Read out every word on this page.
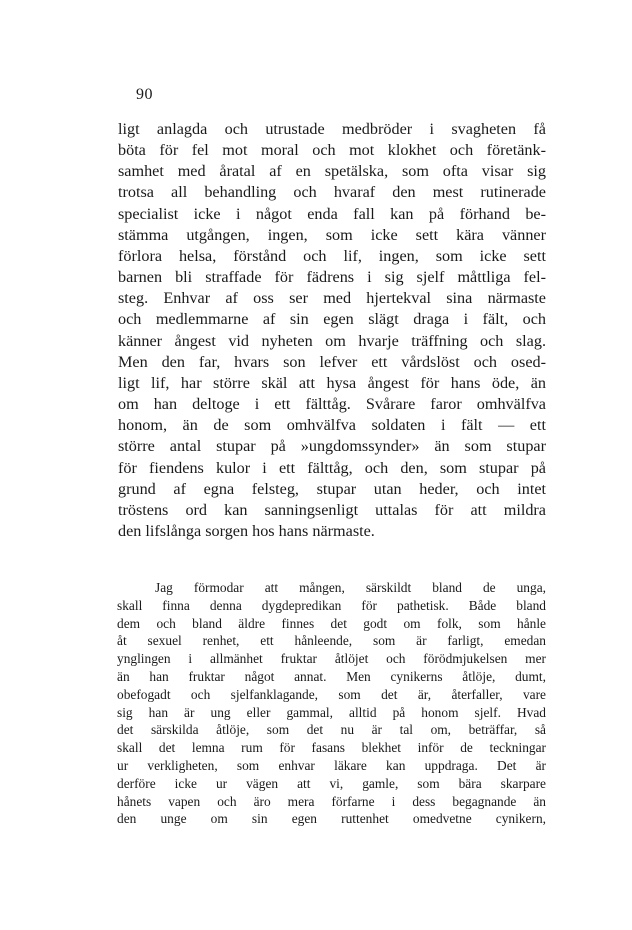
90
ligt anlagda och utrustade medbröder i svagheten få
böta för fel mot moral och mot klokhet och företänk-
samhet med åratal af en spetälska, som ofta visar sig
trotsa all behandling och hvaraf den mest rutinerade
specialist icke i något enda fall kan på förhand be-
stämma utgången, ingen, som icke sett kära vänner
förlora helsa, förstånd och lif, ingen, som icke sett
barnen bli straffade för fädrens i sig sjelf måttliga fel-
steg. Enhvar af oss ser med hjertekval sina närmaste
och medlemmarne af sin egen slägt draga i fält, och
känner ångest vid nyheten om hvarje träffning och slag.
Men den far, hvars son lefver ett vårdslöst och osed-
ligt lif, har större skäl att hysa ångest för hans öde, än
om han deltoge i ett fälttåg. Svårare faror omhvälfva
honom, än de som omhvälfva soldaten i fält — ett
större antal stupar på »ungdomssynder» än som stupar
för fiendens kulor i ett fälttåg, och den, som stupar på
grund af egna felsteg, stupar utan heder, och intet
tröstens ord kan sanningsenligt uttalas för att mildra
den lifslånga sorgen hos hans närmaste.
Jag förmodar att mången, särskildt bland de unga,
skall finna denna dygdepredikan för pathetisk. Både bland
dem och bland äldre finnes det godt om folk, som hånle
åt sexuel renhet, ett hånleende, som är farligt, emedan
ynglingen i allmänhet fruktar åtlöjet och förödmjukelsen mer
än han fruktar något annat. Men cynikerns åtlöje, dumt,
obefogadt och sjelfanklagande, som det är, återfaller, vare
sig han är ung eller gammal, alltid på honom sjelf. Hvad
det särskilda åtlöje, som det nu är tal om, beträffar, så
skall det lemna rum för fasans blekhet inför de teckningar
ur verkligheten, som enhvar läkare kan uppdraga. Det är
derföre icke ur vägen att vi, gamle, som bära skarpare
hånets vapen och äro mera förfarne i dess begagnande än
den unge om sin egen ruttenhet omedvetne cynikern,
